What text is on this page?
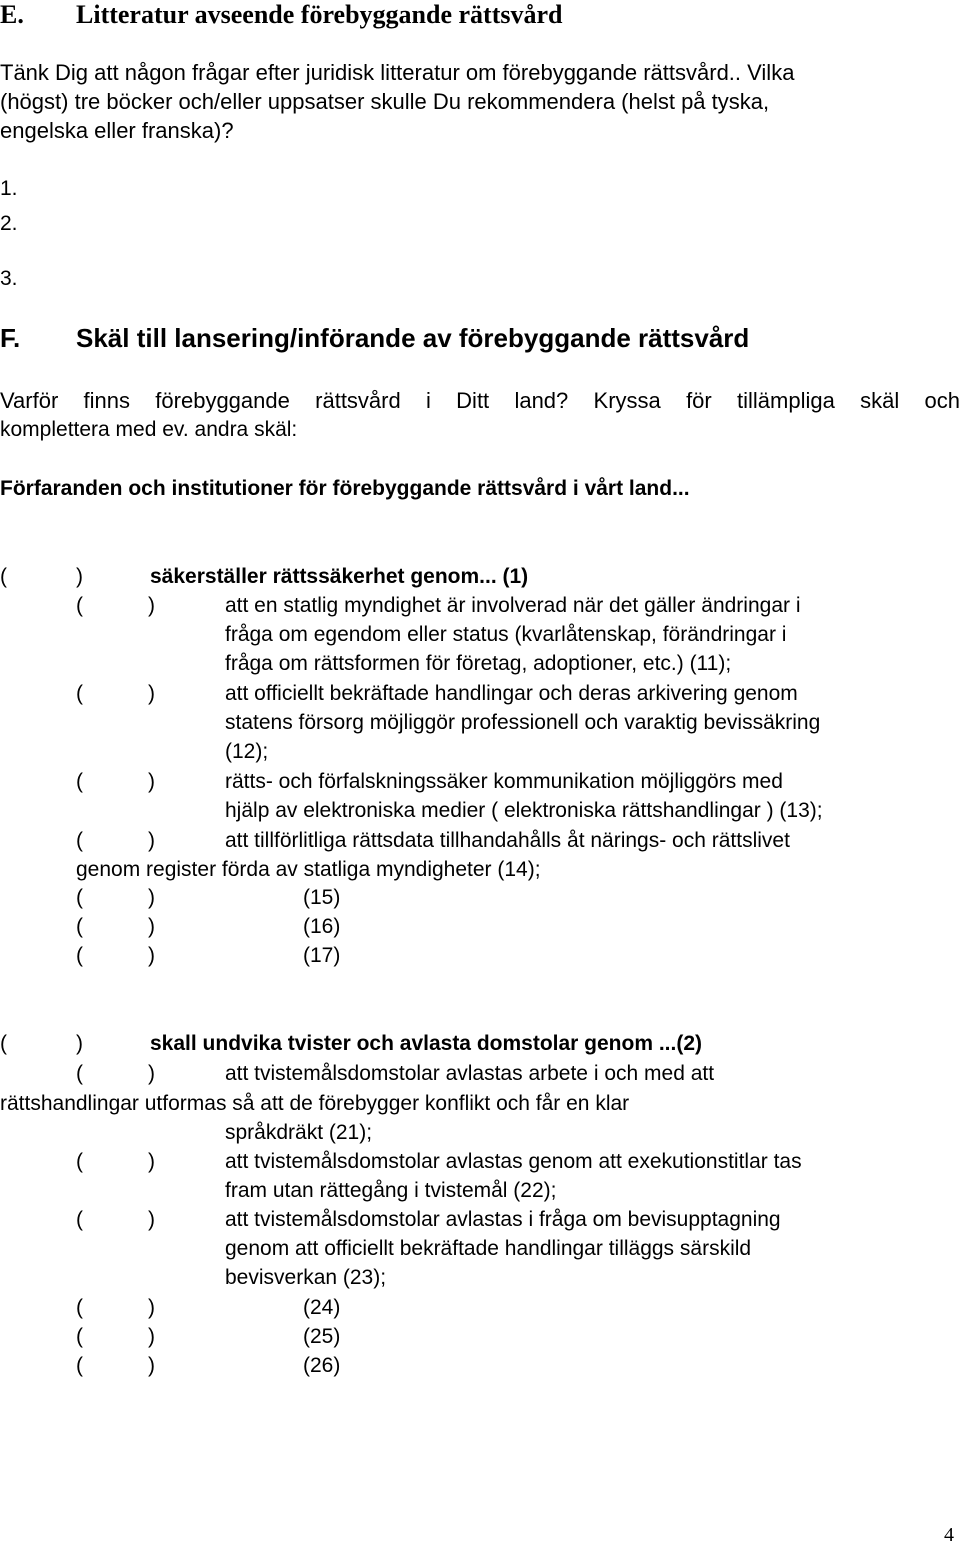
E. Litteratur avseende förebyggande rättsvård
Tänk Dig att någon frågar efter juridisk litteratur om förebyggande rättsvård.. Vilka
(högst) tre böcker och/eller uppsatser skulle Du rekommendera (helst på tyska,
engelska eller franska)?
1.
2.
3.
F. Skäl till lansering/införande av förebyggande rättsvård
Varför finns förebyggande rättsvård i Ditt land? Kryssa för tillämpliga skäl och
komplettera med ev. andra skäl:
Förfaranden och institutioner för förebyggande rättsvård i vårt land...
(	)	säkerställer rättssäkerhet genom... (1)
(	)	att en statlig myndighet är involverad när det gäller ändringar i
fråga om egendom eller status (kvarlåtenskap, förändringar i
fråga om rättsformen för företag, adoptioner, etc.) (11);
(	)	att officiellt bekräftade handlingar och deras arkivering genom
statens försorg möjliggör professionell och varaktig bevissäkring
(12);
(	)	rätts- och förfalskningssäker kommunikation möjliggörs med
hjälp av elektroniska medier ( elektroniska rättshandlingar ) (13);
(	)	att tillförlitliga rättsdata tillhandahålls åt närings- och rättslivet
genom register förda av statliga myndigheter (14);
(	)	(15)
(	)	(16)
(	)	(17)
(	)	skall undvika tvister och avlasta domstolar genom ...(2)
(	)	att tvistemålsdomstolar avlastas arbete i och med att
rättshandlingar utformas så att de förebygger konflikt och får en klar
språkdräkt (21);
(	)	att tvistemålsdomstolar avlastas genom att exekutionstitlar tas
fram utan rättegång i tvistemål (22);
(	)	att tvistemålsdomstolar avlastas i fråga om bevisupptagning
genom att officiellt bekräftade handlingar tilläggs särskild
bevisverkan (23);
(	)	(24)
(	)	(25)
(	)	(26)
4
